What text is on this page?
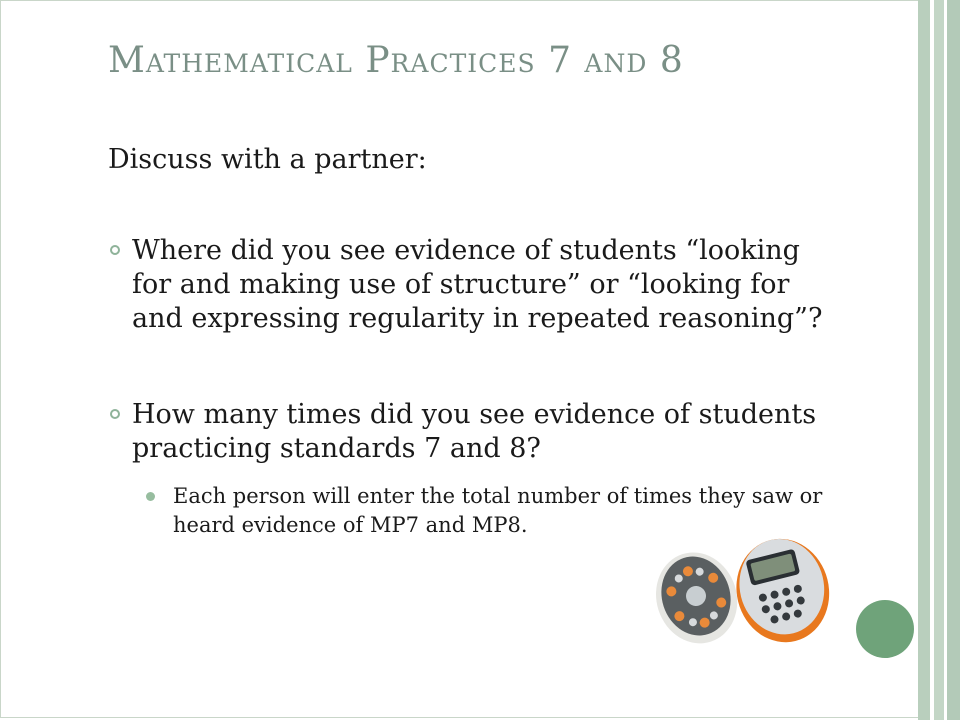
Mathematical Practices 7 and 8
Discuss with a partner:
Where did you see evidence of students “looking for and making use of structure” or “looking for and expressing regularity in repeated reasoning”?
How many times did you see evidence of students practicing standards 7 and 8?
Each person will enter the total number of times they saw or heard evidence of MP7 and MP8.
